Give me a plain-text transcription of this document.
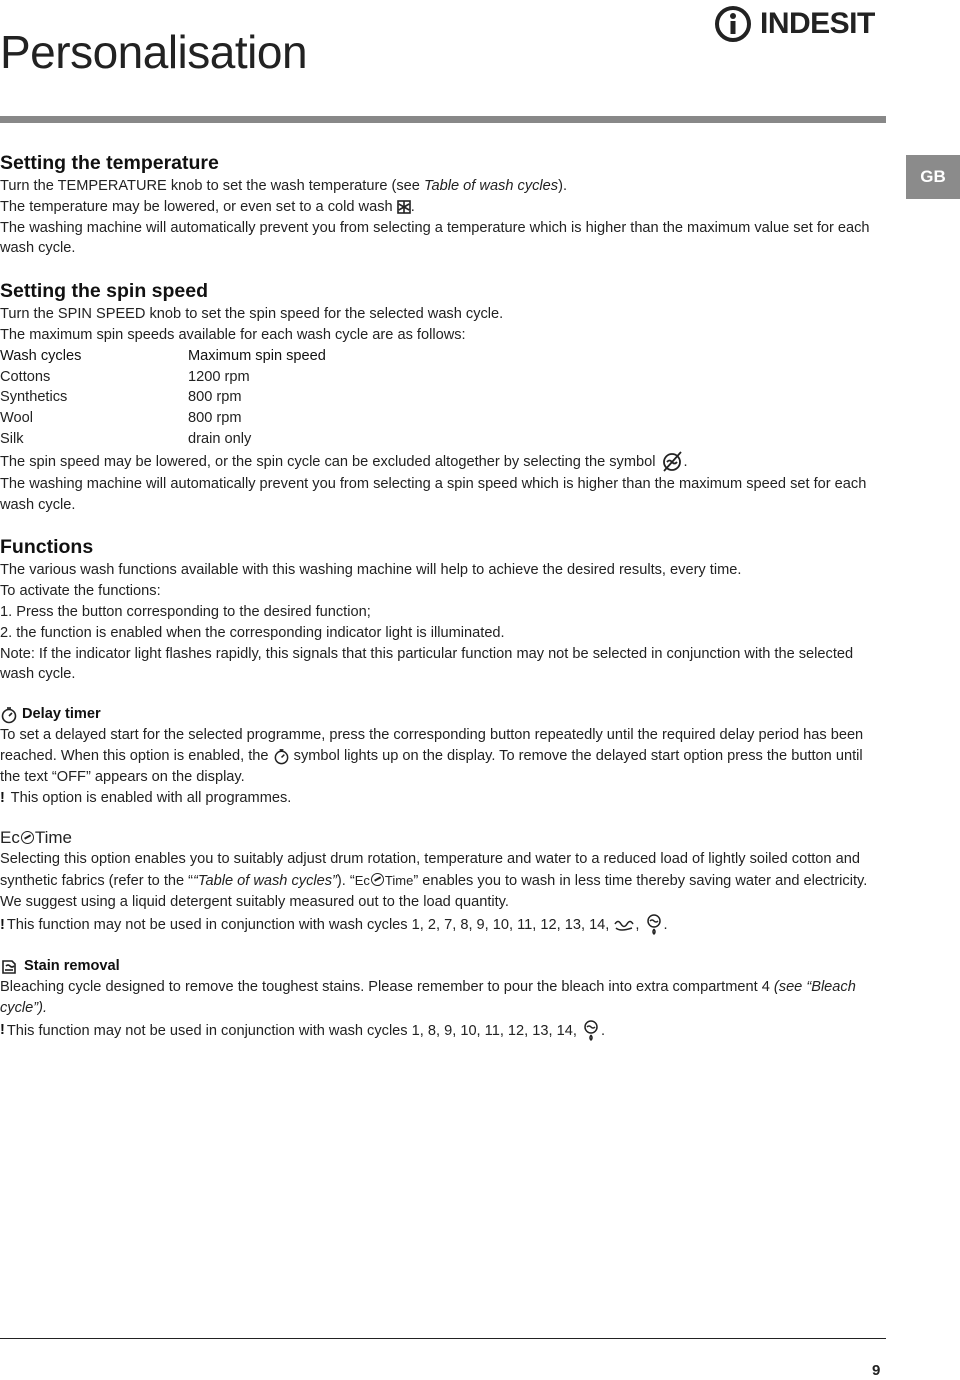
Personalisation
INDESIT
GB
Setting the temperature

Turn the TEMPERATURE knob to set the wash temperature (see Table of wash cycles).

The temperature may be lowered, or even set to a cold wash .

The washing machine will automatically prevent you from selecting a temperature which is higher than the maximum value set for each wash cycle.

Setting the spin speed

Turn the SPIN SPEED knob to set the spin speed for the selected wash cycle.

The maximum spin speeds available for each wash cycle are as follows:

Wash cycles	Maximum spin speed
Cottons	1200 rpm
Synthetics	800 rpm
Wool	800 rpm
Silk	drain only

The spin speed may be lowered, or the spin cycle can be excluded altogether by selecting the symbol .

The washing machine will automatically prevent you from selecting a spin speed which is higher than the maximum speed set for each wash cycle.

Functions

The various wash functions available with this washing machine will help to achieve the desired results, every time.

To activate the functions:

1. Press the button corresponding to the desired function;

2. the function is enabled when the corresponding indicator light is illuminated.

Note: If the indicator light flashes rapidly, this signals that this particular function may not be selected in conjunction with the selected wash cycle.

Delay timer

To set a delayed start for the selected programme, press the corresponding button repeatedly until the required delay period has been reached. When this option is enabled, the symbol lights up on the display. To remove the delayed start option press the button until the text “OFF” appears on the display.

! This option is enabled with all programmes.

Ec Time

Selecting this option enables you to suitably adjust drum rotation, temperature and water to a reduced load of lightly soiled cotton and synthetic fabrics (refer to the ““Table of wash cycles”). “Ec Time” enables you to wash in less time thereby saving water and electricity. We suggest using a liquid detergent suitably measured out to the load quantity.

! This function may not be used in conjunction with wash cycles 1, 2, 7, 8, 9, 10, 11, 12, 13, 14, , .

Stain removal

Bleaching cycle designed to remove the toughest stains. Please remember to pour the bleach into extra compartment 4 (see “Bleach cycle”).

! This function may not be used in conjunction with wash cycles 1, 8, 9, 10, 11, 12, 13, 14, .

9
